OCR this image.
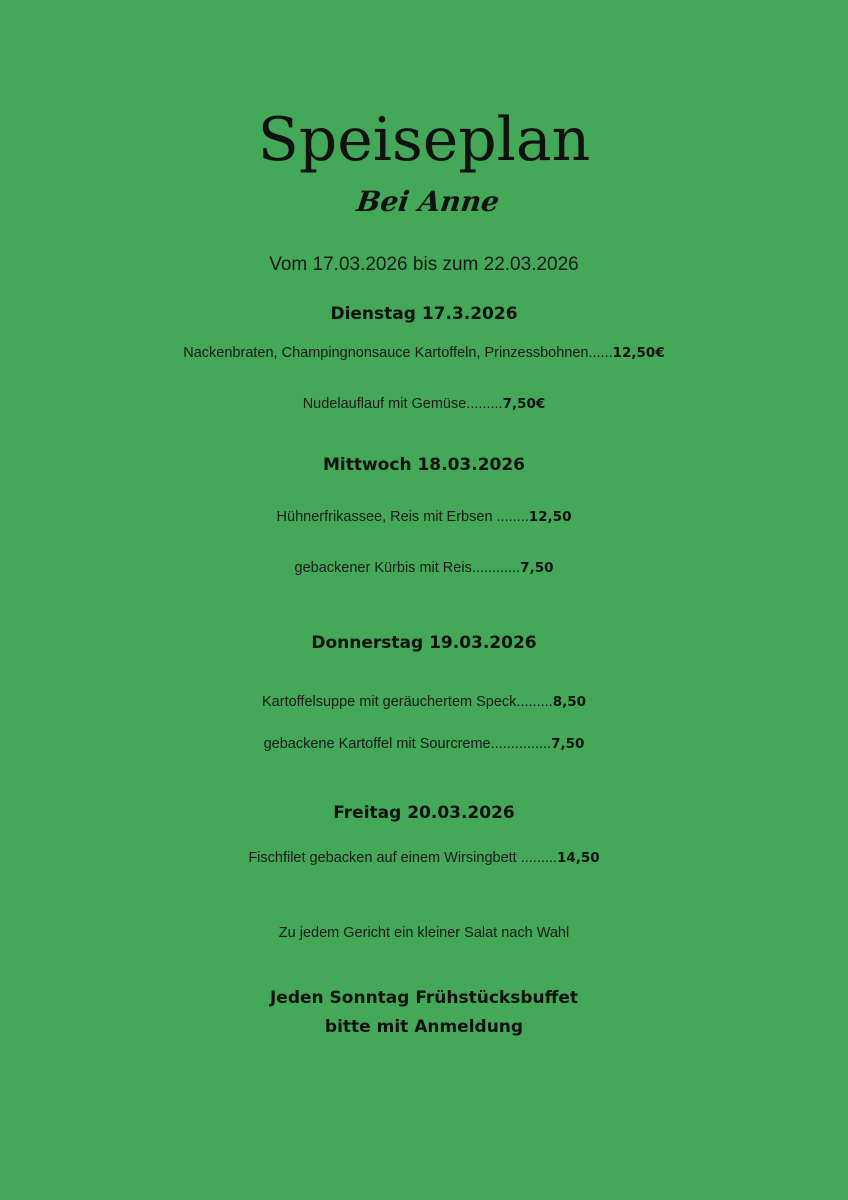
Speiseplan
Bei Anne
Vom 17.03.2026 bis zum 22.03.2026
Dienstag 17.3.2026
Nackenbraten, Champingnonsauce Kartoffeln, Prinzessbohnen......12,50€
Nudelauflauf mit Gemüse.........7,50€
Mittwoch 18.03.2026
Hühnerfrikassee, Reis mit Erbsen ........12,50
gebackener Kürbis mit Reis............7,50
Donnerstag 19.03.2026
Kartoffelsuppe mit geräuchertem Speck.........8,50
gebackene Kartoffel mit Sourcreme...............7,50
Freitag 20.03.2026
Fischfilet gebacken auf einem Wirsingbett .........14,50
Zu jedem Gericht ein kleiner Salat nach Wahl
Jeden Sonntag Frühstücksbuffet
bitte mit Anmeldung
